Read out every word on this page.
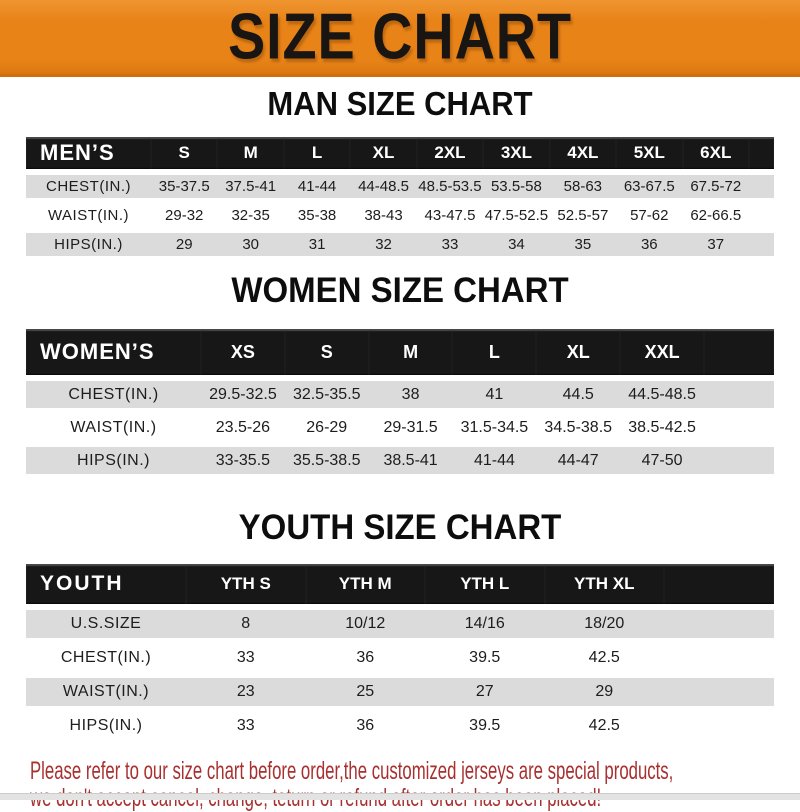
SIZE CHART
MAN SIZE CHART
MEN’S	S	M	L	XL	2XL	3XL	4XL	5XL	6XL	
CHEST(IN.)	35-37.5	37.5-41	41-44	44-48.5	48.5-53.5	53.5-58	58-63	63-67.5	67.5-72	
WAIST(IN.)	29-32	32-35	35-38	38-43	43-47.5	47.5-52.5	52.5-57	57-62	62-66.5	
HIPS(IN.)	29	30	31	32	33	34	35	36	37	
WOMEN SIZE CHART
WOMEN’S	XS	S	M	L	XL	XXL	
CHEST(IN.)	29.5-32.5	32.5-35.5	38	41	44.5	44.5-48.5	
WAIST(IN.)	23.5-26	26-29	29-31.5	31.5-34.5	34.5-38.5	38.5-42.5	
HIPS(IN.)	33-35.5	35.5-38.5	38.5-41	41-44	44-47	47-50	
YOUTH SIZE CHART
YOUTH	YTH S	YTH M	YTH L	YTH XL	
U.S.SIZE	8	10/12	14/16	18/20	
CHEST(IN.)	33	36	39.5	42.5	
WAIST(IN.)	23	25	27	29	
HIPS(IN.)	33	36	39.5	42.5	

Please refer to our size chart before order,the customized jerseys are special products,
